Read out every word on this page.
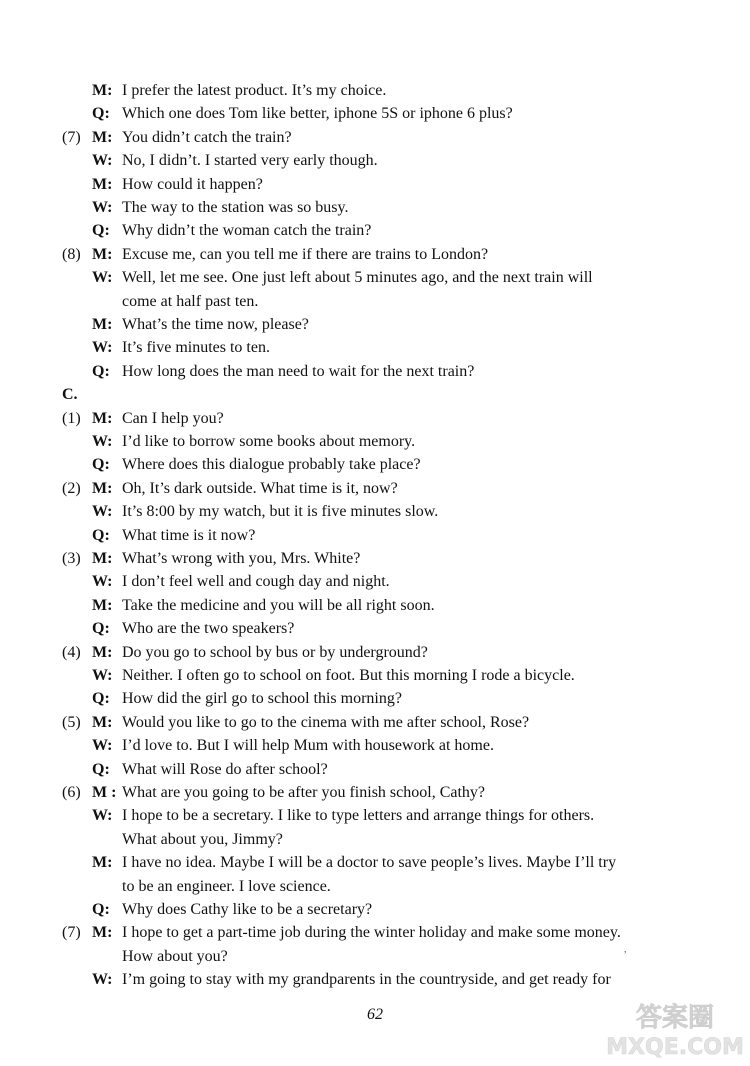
M: I prefer the latest product. It’s my choice.
Q: Which one does Tom like better, iphone 5S or iphone 6 plus?
(7) M: You didn’t catch the train?
W: No, I didn’t. I started very early though.
M: How could it happen?
W: The way to the station was so busy.
Q: Why didn’t the woman catch the train?
(8) M: Excuse me, can you tell me if there are trains to London?
W: Well, let me see. One just left about 5 minutes ago, and the next train will
come at half past ten.
M: What’s the time now, please?
W: It’s five minutes to ten.
Q: How long does the man need to wait for the next train?
C.
(1) M: Can I help you?
W: I’d like to borrow some books about memory.
Q: Where does this dialogue probably take place?
(2) M: Oh, It’s dark outside. What time is it, now?
W: It’s 8:00 by my watch, but it is five minutes slow.
Q: What time is it now?
(3) M: What’s wrong with you, Mrs. White?
W: I don’t feel well and cough day and night.
M: Take the medicine and you will be all right soon.
Q: Who are the two speakers?
(4) M: Do you go to school by bus or by underground?
W: Neither. I often go to school on foot. But this morning I rode a bicycle.
Q: How did the girl go to school this morning?
(5) M: Would you like to go to the cinema with me after school, Rose?
W: I’d love to. But I will help Mum with housework at home.
Q: What will Rose do after school?
(6) M : What are you going to be after you finish school, Cathy?
W: I hope to be a secretary. I like to type letters and arrange things for others.
What about you, Jimmy?
M: I have no idea. Maybe I will be a doctor to save people’s lives. Maybe I’ll try
to be an engineer. I love science.
Q: Why does Cathy like to be a secretary?
(7) M: I hope to get a part-time job during the winter holiday and make some money.
How about you?
W: I’m going to stay with my grandparents in the countryside, and get ready for
62
,
答案圈
MXQE.COM
